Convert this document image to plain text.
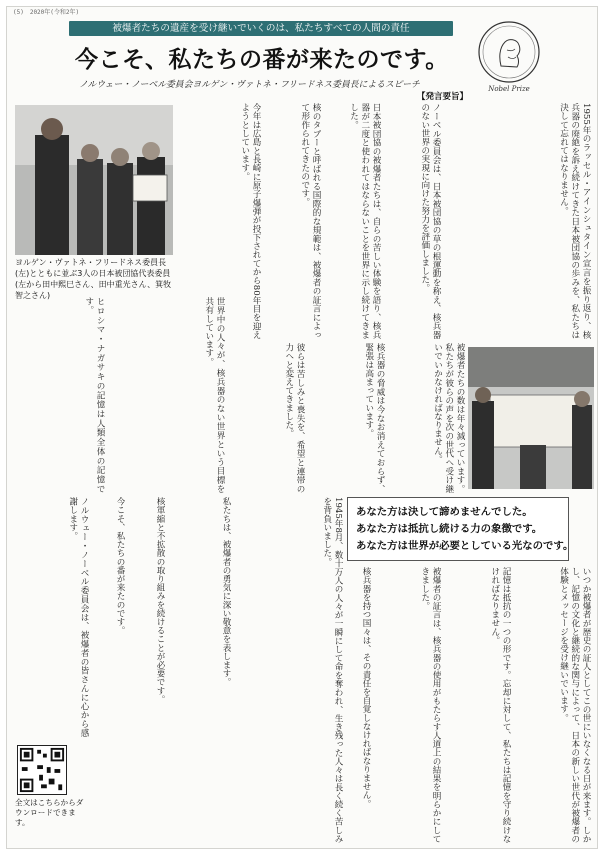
(5)　2020年(令和2年)
被爆者たちの遺産を受け継いでいくのは、私たちすべての人間の責任
今こそ、私たちの番が来たのです。
ノルウェー・ノーベル委員会ヨルゲン・ヴァトネ・フリードネス委員長によるスピーチ
【発言要旨】
Nobel Prize
ヨルゲン・ヴァトネ・フリードネス委員長(左)とともに並ぶ3人の日本被団協代表委員(左から田中熙巳さん、田中重光さん、箕牧智之さん)	1955年のラッセル・アインシュタイン宣言を振り返り、核兵器の廃絶を訴え続けてきた日本被団協の歩みを、私たちは決して忘れてはなりません。
ノーベル委員会は、日本被団協の草の根運動を称え、核兵器のない世界の実現に向けた努力を評価しました。
日本被団協の被爆者たちは、自らの苦しい体験を語り、核兵器が二度と使われてはならないことを世界に示し続けてきました。
核のタブーと呼ばれる国際的な規範は、被爆者の証言によって形作られてきたのです。
今年は広島と長崎に原子爆弾が投下されてから80年目を迎えようとしています。
被爆者たちの数は年々減っています。私たちが彼らの声を次の世代へ受け継いでいかなければなりません。
核兵器の脅威は今なお消えておらず、緊張は高まっています。
彼らは苦しみと喪失を、希望と連帯の力へと変えてきました。
世界中の人々が、核兵器のない世界という目標を共有しています。
ヒロシマ・ナガサキの記憶は人類全体の記憶です。
あなた方は決して諦めませんでした。
あなた方は抵抗し続ける力の象徴です。
あなた方は世界が必要としている光なのです。
いつか被爆者が歴史の証人としてこの世にいなくなる日が来ます。しかし、記憶の文化と継続的な関与によって、日本の新しい世代が被爆者の体験とメッセージを受け継いでいます。
記憶は抵抗の一つの形です。忘却に対して、私たちは記憶を守り続けなければなりません。
被爆者の証言は、核兵器の使用がもたらす人道上の結果を明らかにしてきました。
核兵器を持つ国々は、その責任を自覚しなければなりません。
1945年8月、数十万人の人々が一瞬にして命を奪われ、生き残った人々は長く続く苦しみを背負いました。
私たちは、被爆者の勇気に深い敬意を表します。
核軍縮と不拡散の取り組みを続けることが必要です。
今こそ、私たちの番が来たのです。
ノルウェー・ノーベル委員会は、被爆者の皆さんに心から感謝します。
全文はこちらからダウンロードできます。
